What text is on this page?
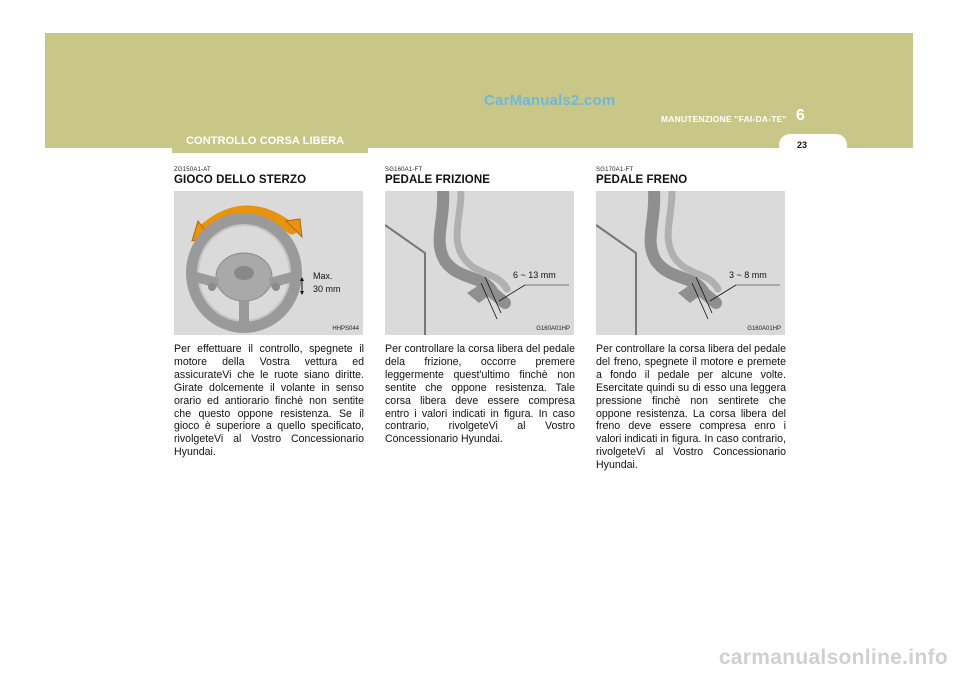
CarManuals2.com
MANUTENZIONE "FAI-DA-TE" 6
23
CONTROLLO CORSA LIBERA
ZG150A1-AT
GIOCO DELLO STERZO
Max.
30 mm
HHPS044
Per effettuare il controllo, spegnete il motore della Vostra vettura ed assicurateVi che le ruote siano diritte. Girate dolcemente il volante in senso orario ed antiorario finchè non sentite che questo oppone resistenza. Se il gioco è superiore a quello specificato, rivolgeteVi al Vostro Concessionario Hyundai.
SG160A1-FT
PEDALE FRIZIONE
6 ~ 13 mm
G160A01HP
Per controllare la corsa libera del pedale dela frizione, occorre premere leggermente quest'ultimo finchè non sentite che oppone resistenza. Tale corsa libera deve essere compresa entro i valori indicati in figura. In caso contrario, rivolgeteVi al Vostro Concessionario Hyundai.
SG170A1-FT
PEDALE FRENO
3 ~ 8 mm
G160A01HP
Per controllare la corsa libera del pedale del freno, spegnete il motore e premete a fondo il pedale per alcune volte. Esercitate quindi su di esso una leggera pressione finchè non sentirete che oppone resistenza. La corsa libera del freno deve essere compresa enro i valori indicati in figura. In caso contrario, rivolgeteVi al Vostro Concessionario Hyundai.
carmanualsonline.info
